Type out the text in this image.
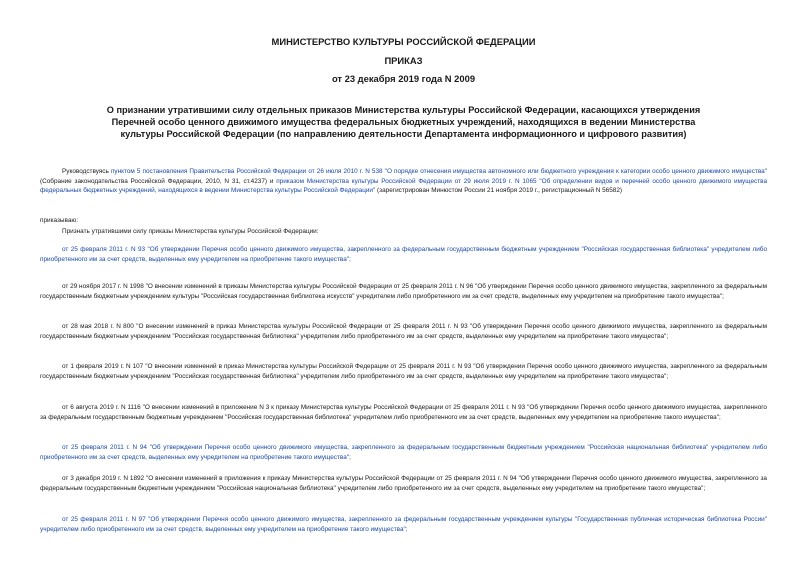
МИНИСТЕРСТВО КУЛЬТУРЫ РОССИЙСКОЙ ФЕДЕРАЦИИ
ПРИКАЗ
от 23 декабря 2019 года N 2009
О признании утратившими силу отдельных приказов Министерства культуры Российской Федерации, касающихся утверждения Перечней особо ценного движимого имущества федеральных бюджетных учреждений, находящихся в ведении Министерства культуры Российской Федерации (по направлению деятельности Департамента информационного и цифрового развития)

Руководствуясь пунктом 5 постановления Правительства Российской Федерации от 26 июля 2010 г. N 538 "О порядке отнесения имущества автономного или бюджетного учреждения к категории особо ценного движимого имущества" (Собрание законодательства Российской Федерации, 2010, N 31, ст.4237) и приказом Министерства культуры Российской Федерации от 29 июля 2019 г. N 1065 "Об определении видов и перечней особо ценного движимого имущества федеральных бюджетных учреждений, находящихся в ведении Министерства культуры Российской Федерации" (зарегистрирован Минюстом России 21 ноября 2019 г., регистрационный N 56582)

приказываю:

Признать утратившими силу приказы Министерства культуры Российской Федерации:

от 25 февраля 2011 г. N 93 "Об утверждении Перечня особо ценного движимого имущества, закрепленного за федеральным государственным бюджетным учреждением "Российская государственная библиотека" учредителем либо приобретенного им за счет средств, выделенных ему учредителем на приобретение такого имущества";

от 29 ноября 2017 г. N 1998 "О внесении изменений в приказы Министерства культуры Российской Федерации от 25 февраля 2011 г. N 96 "Об утверждении Перечня особо ценного движимого имущества, закрепленного за федеральным государственным бюджетным учреждением культуры "Российская государственная библиотека искусств" учредителем либо приобретенного им за счет средств, выделенных ему учредителем на приобретение такого имущества";

от 28 мая 2018 г. N 800 "О внесении изменений в приказ Министерства культуры Российской Федерации от 25 февраля 2011 г. N 93 "Об утверждении Перечня особо ценного движимого имущества, закрепленного за федеральным государственным бюджетным учреждением "Российская государственная библиотека" учредителем либо приобретенного им за счет средств, выделенных ему учредителем на приобретение такого имущества";

от 1 февраля 2019 г. N 107 "О внесении изменений в приказ Министерства культуры Российской Федерации от 25 февраля 2011 г. N 93 "Об утверждении Перечня особо ценного движимого имущества, закрепленного за федеральным государственным бюджетным учреждением "Российская государственная библиотека" учредителем либо приобретенного им за счет средств, выделенных ему учредителем на приобретение такого имущества";

от 6 августа 2019 г. N 1116 "О внесении изменений в приложение N 3 к приказу Министерства культуры Российской Федерации от 25 февраля 2011 г. N 93 "Об утверждении Перечня особо ценного движимого имущества, закрепленного за федеральным государственным бюджетным учреждением "Российская государственная библиотека" учредителем либо приобретенного им за счет средств, выделенных ему учредителем на приобретение такого имущества";

от 25 февраля 2011 г. N 94 "Об утверждении Перечня особо ценного движимого имущества, закрепленного за федеральным государственным бюджетным учреждением "Российская национальная библиотека" учредителем либо приобретенного им за счет средств, выделенных ему учредителем на приобретение такого имущества";

от 3 декабря 2019 г. N 1892 "О внесении изменений в приложения к приказу Министерства культуры Российской Федерации от 25 февраля 2011 г. N 94 "Об утверждении Перечня особо ценного движимого имущества, закрепленного за федеральным государственным бюджетным учреждением "Российская национальная библиотека" учредителем либо приобретенного им за счет средств, выделенных ему учредителем на приобретение такого имущества";

от 25 февраля 2011 г. N 97 "Об утверждении Перечня особо ценного движимого имущества, закрепленного за федеральным государственным учреждением культуры "Государственная публичная историческая библиотека России" учредителем либо приобретенного им за счет средств, выделенных ему учредителем на приобретение такого имущества";
